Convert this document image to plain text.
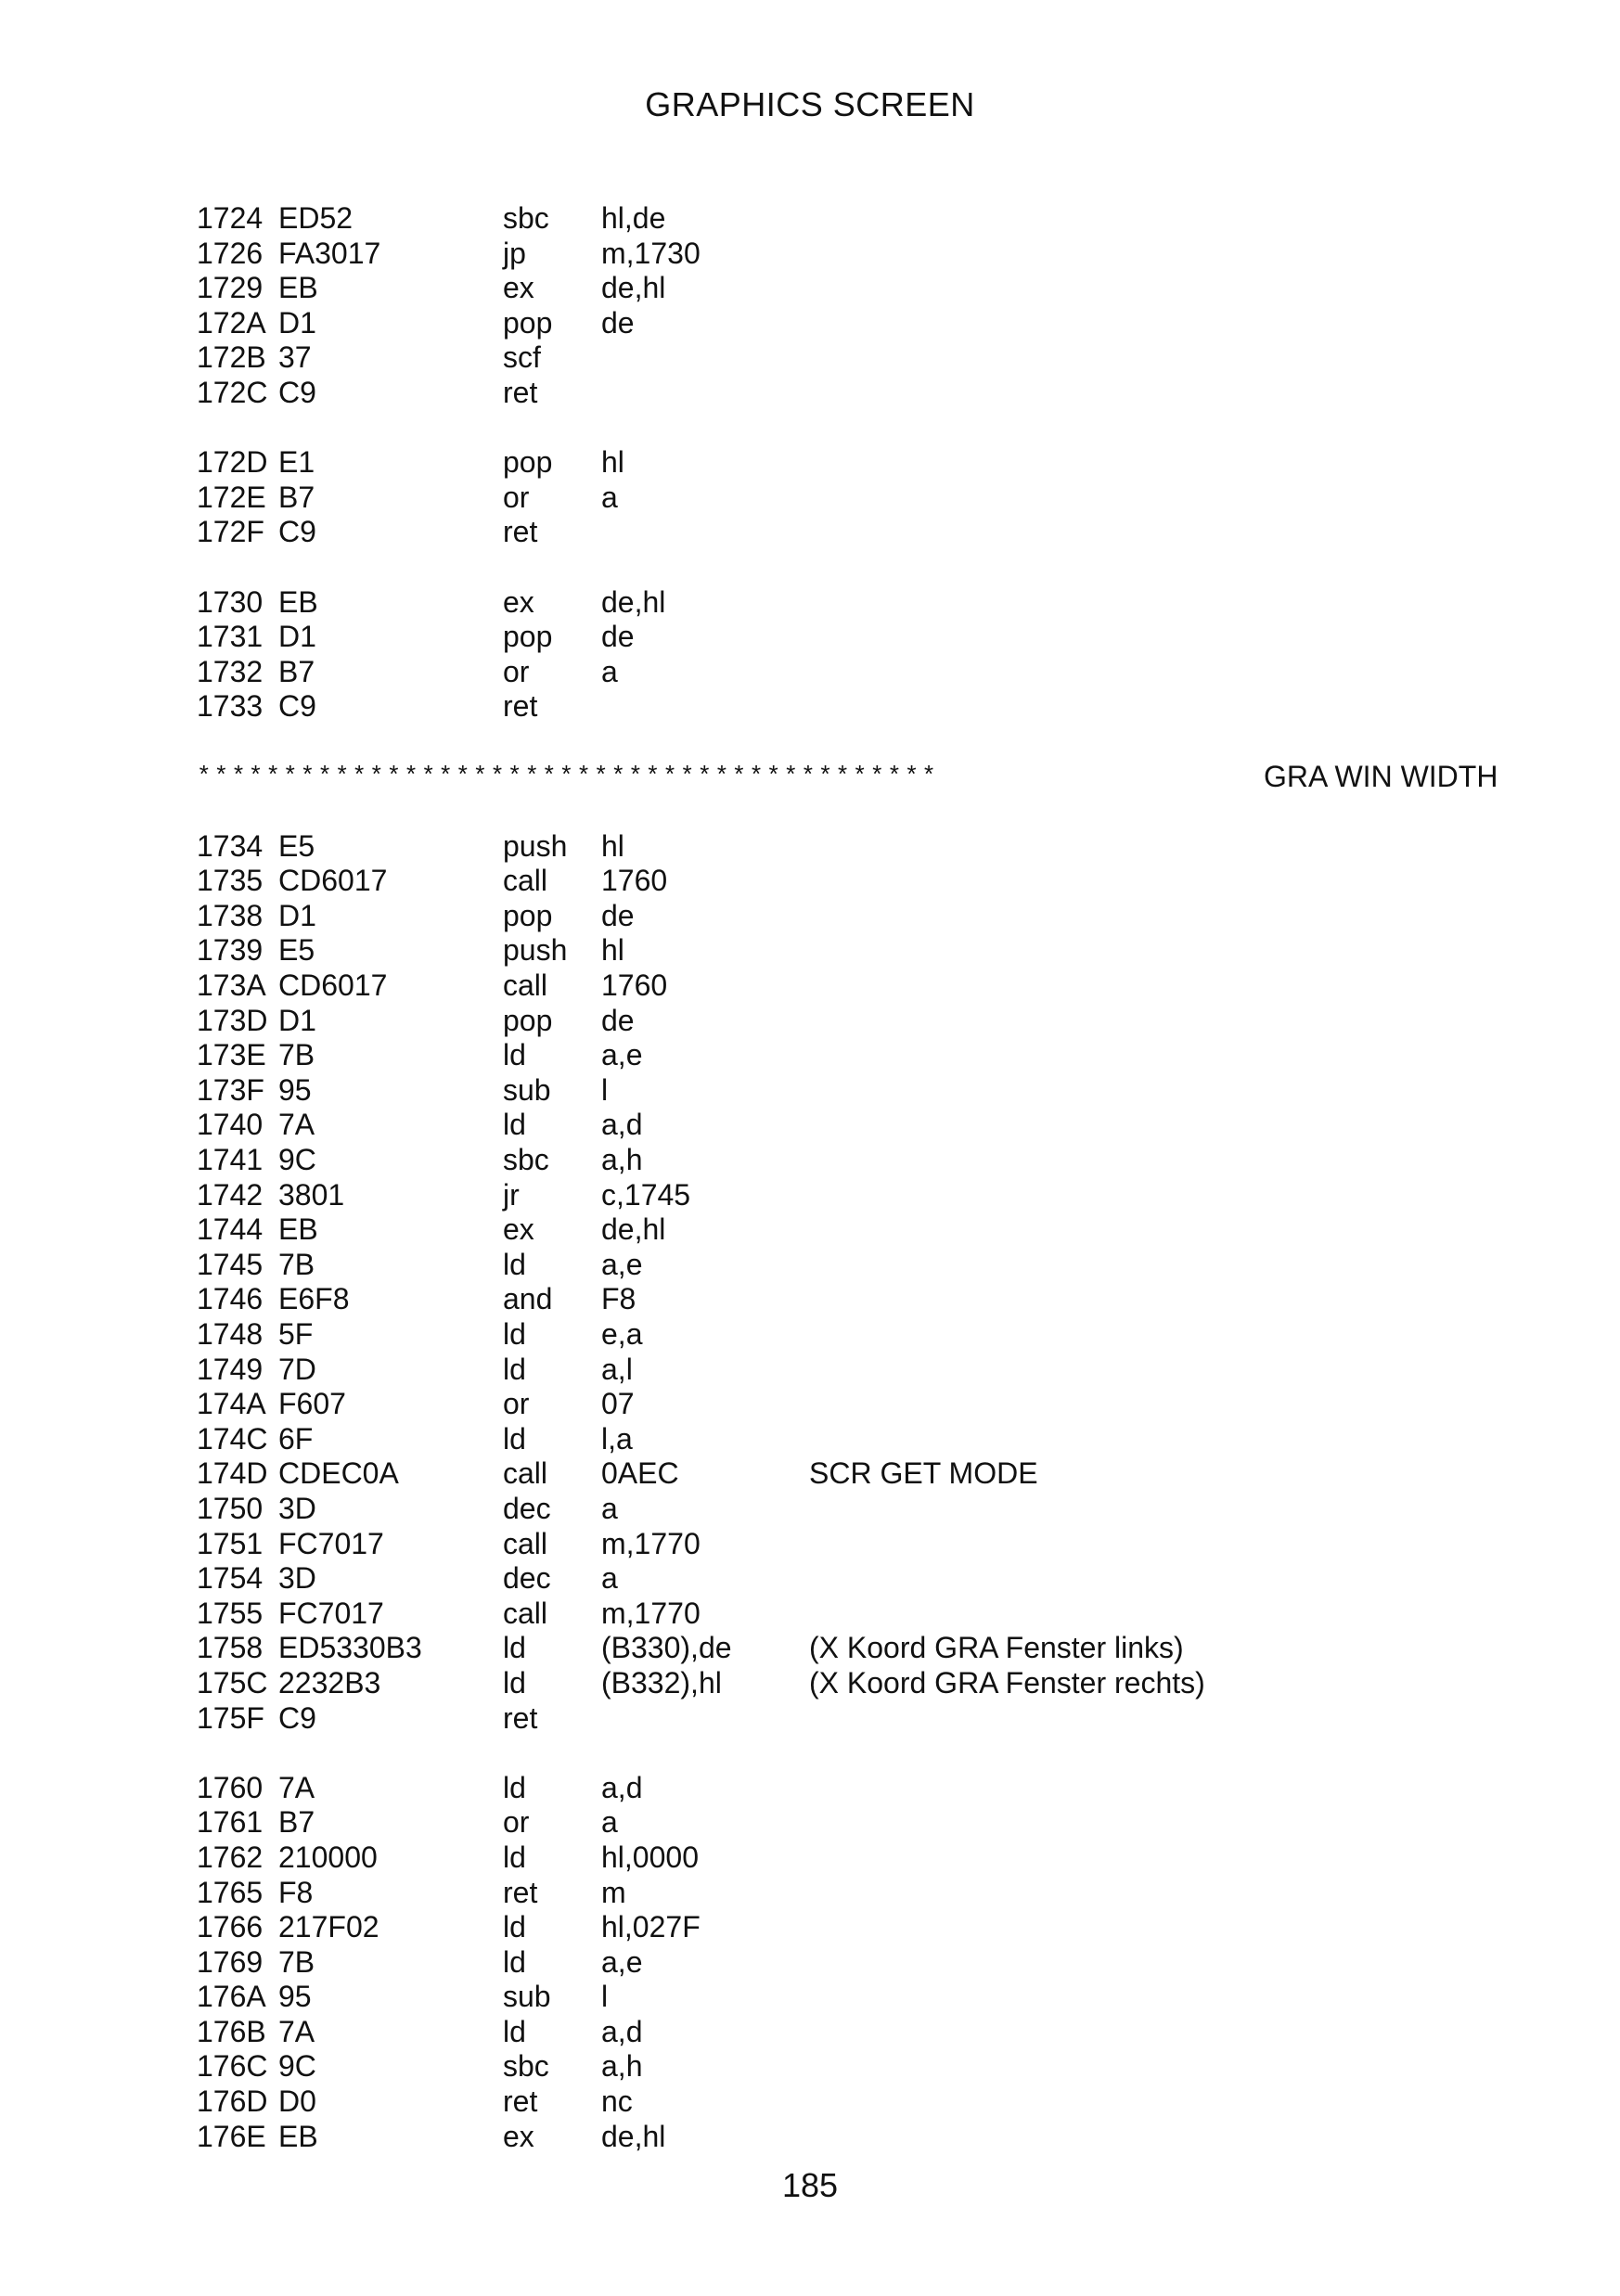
GRAPHICS SCREEN
1724 ED52	sbc hl,de
1726 FA3017	jp	m,1730
1729 EB	ex de,hl
172A D1	pop de
172B 37	scf
172C C9	ret
172D E1	pop hl
172E B7	or a
172F C9	ret
1730 EB	ex de,hl
1731 D1	pop de
1732 B7	or a
1733 C9	ret
*******************************************	GRA WIN WIDTH
1734 E5	push hl
1735 CD6017	call 1760
1738 D1	pop de
1739 E5	push hl
173A CD6017	call 1760
173D D1	pop de
173E 7B	ld	a,e
173F 95	sub l
1740 7A	ld	a,d
1741 9C	sbc a,h
1742 3801	jr	c,1745
1744 EB	ex de,hl
1745 7B	ld	a,e
1746 E6F8	and F8
1748 5F	ld	e,a
1749 7D	ld	a,l
174A F607	or 07
174C 6F	ld	l,a
174D CDEC0A	call 0AEC	SCR GET MODE
1750 3D	dec a
1751 FC7017	call m,1770
1754 3D	dec a
1755 FC7017	call m,1770
1758 ED5330B3	ld	(B330),de	(X Koord GRA Fenster links)
175C 2232B3	ld	(B332),hl	(X Koord GRA Fenster rechts)
175F C9	ret
1760 7A	ld	a,d
1761 B7	or a
1762 210000	ld	hl,0000
1765 F8	ret m
1766 217F02	ld	hl,027F
1769 7B	ld	a,e
176A 95	sub l
176B 7A	ld	a,d
176C 9C	sbc a,h
176D D0	ret nc
176E EB	ex de,hl
185
